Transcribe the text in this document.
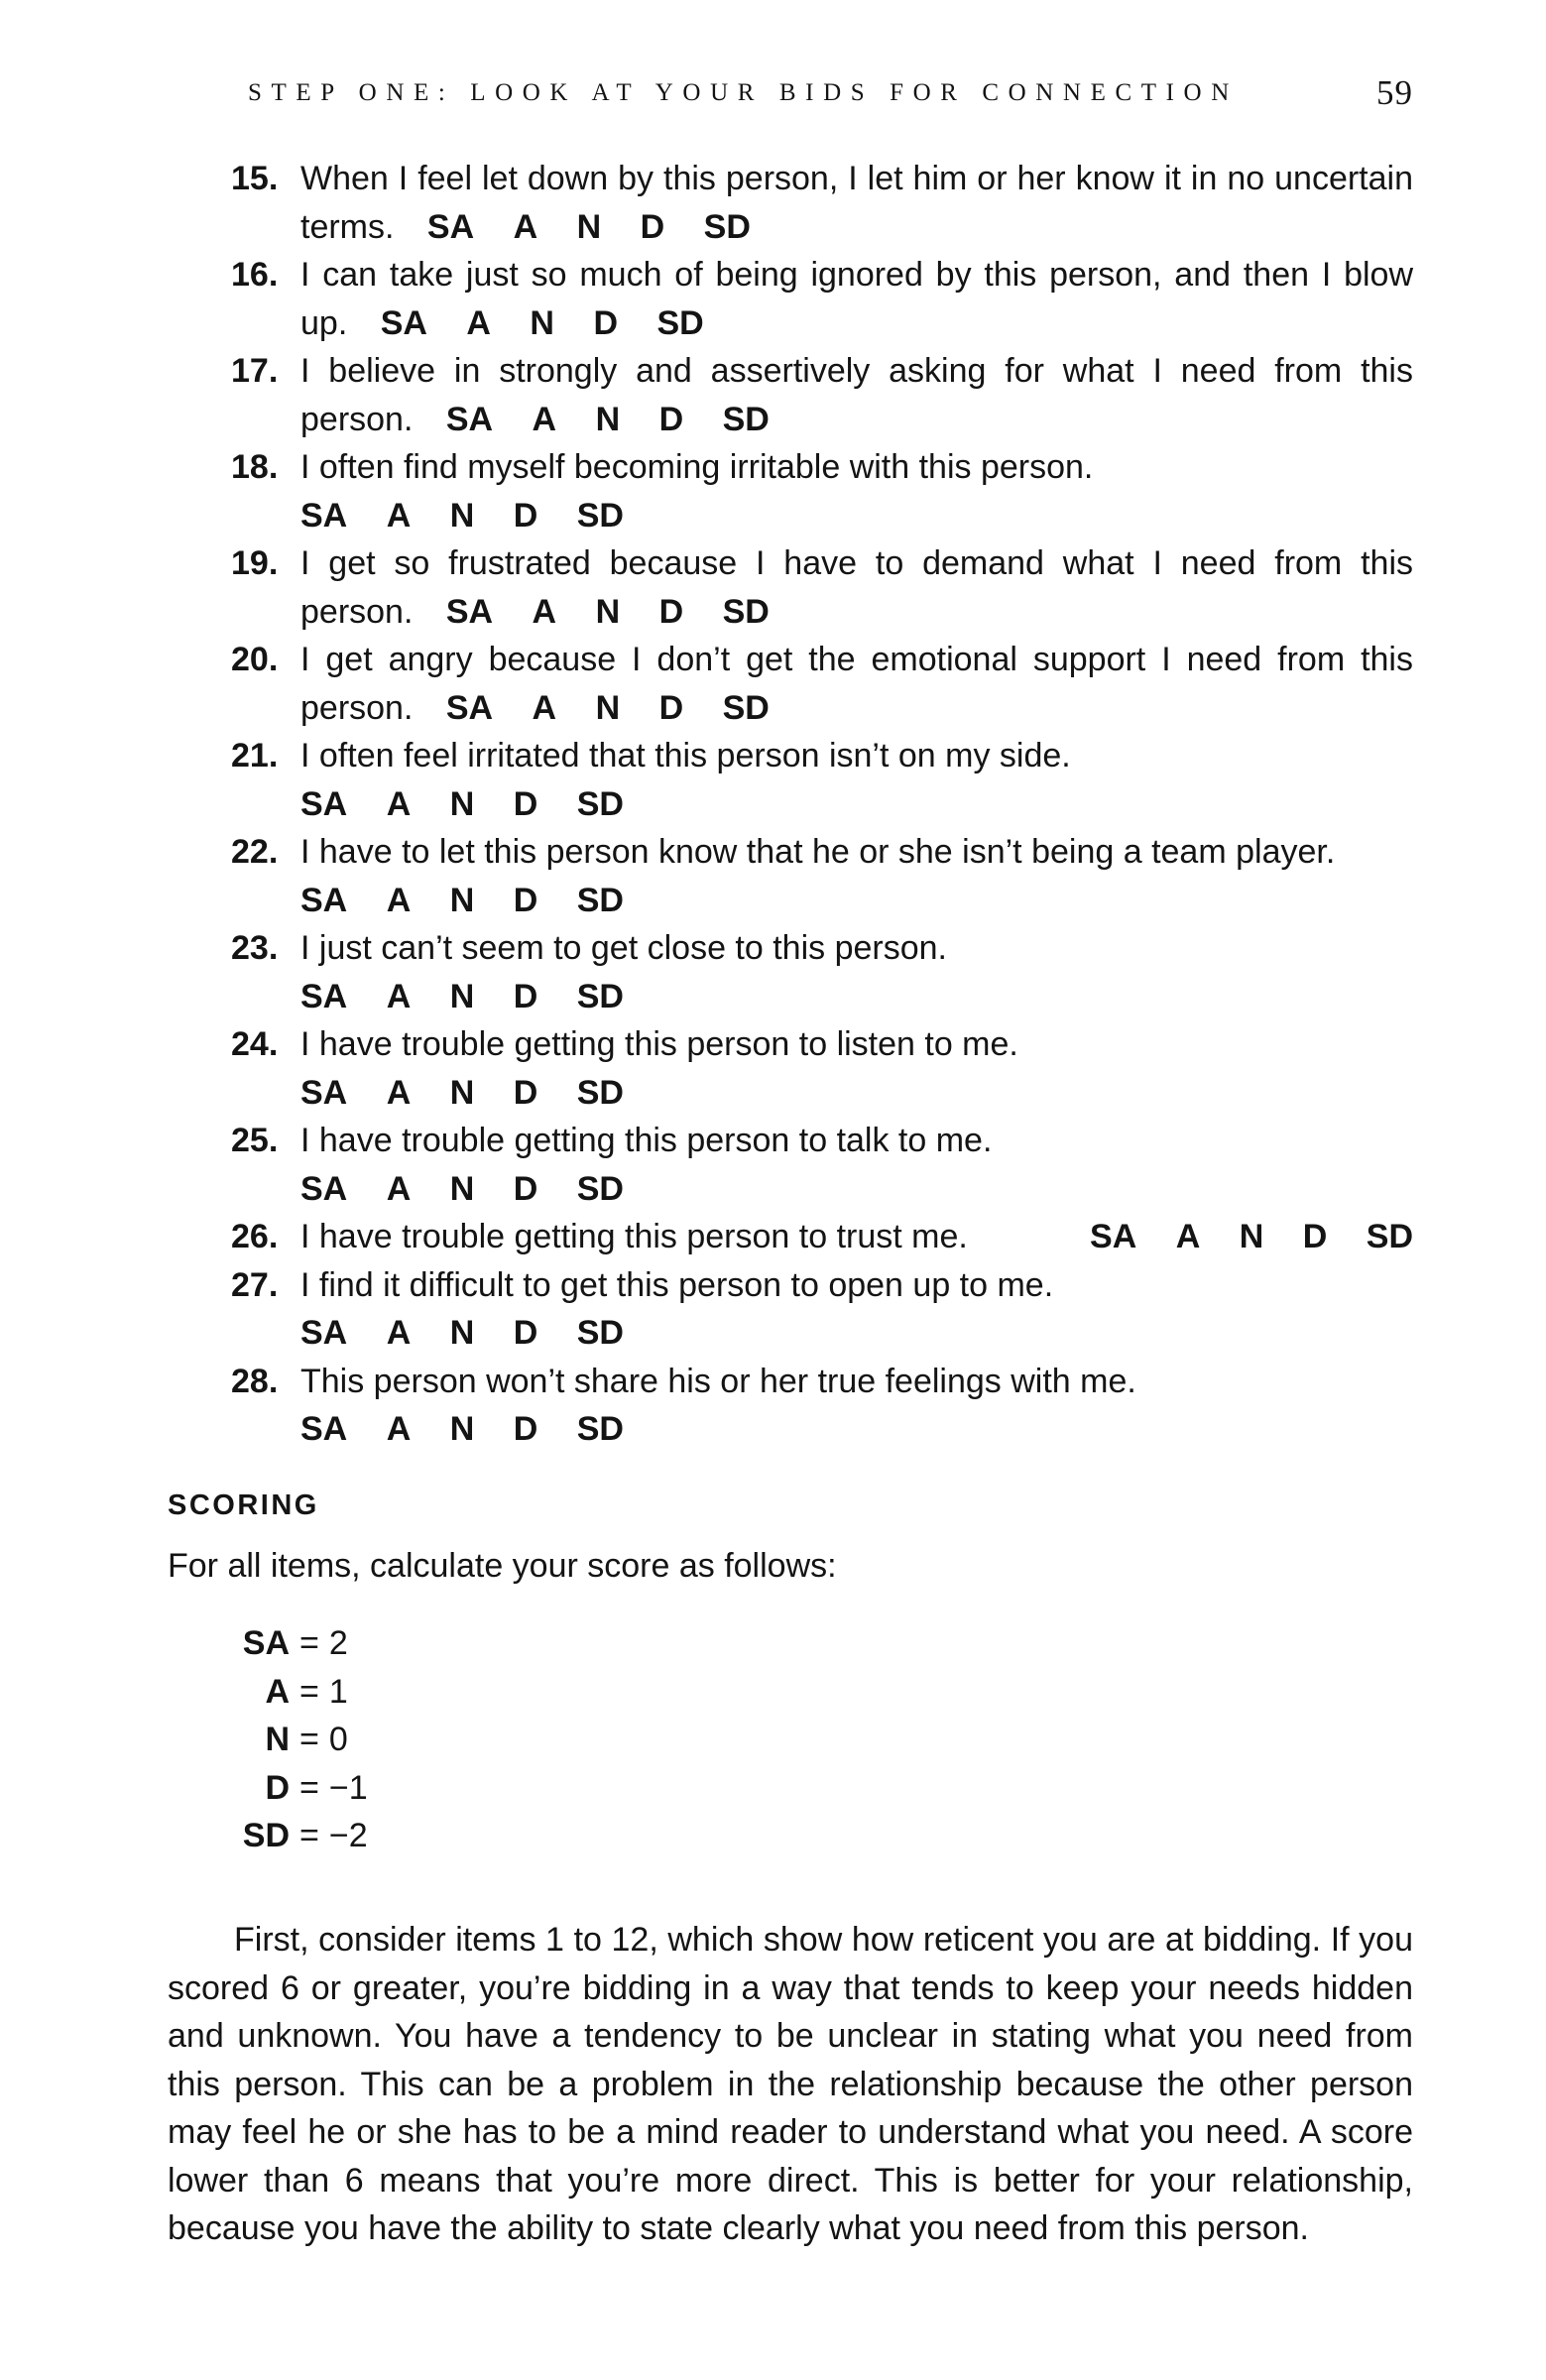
STEP ONE: LOOK AT YOUR BIDS FOR CONNECTION	59
15. When I feel let down by this person, I let him or her know it in no uncertain terms. SA A N D SD
16. I can take just so much of being ignored by this person, and then I blow up. SA A N D SD
17. I believe in strongly and assertively asking for what I need from this person. SA A N D SD
18. I often find myself becoming irritable with this person.
SA A N D SD
19. I get so frustrated because I have to demand what I need from this person. SA A N D SD
20. I get angry because I don’t get the emotional support I need from this person. SA A N D SD
21. I often feel irritated that this person isn’t on my side.
SA A N D SD
22. I have to let this person know that he or she isn’t being a team player.
SA A N D SD
23. I just can’t seem to get close to this person.
SA A N D SD
24. I have trouble getting this person to listen to me.
SA A N D SD
25. I have trouble getting this person to talk to me.
SA A N D SD
26.	SA A N D SD
I have trouble getting this person to trust me.
27. I find it difficult to get this person to open up to me.
SA A N D SD
28. This person won’t share his or her true feelings with me.
SA A N D SD
SCORING
For all items, calculate your score as follows:
SA = 2
A = 1
N = 0
D = −1
SD = −2

First, consider items 1 to 12, which show how reticent you are at bidding. If you scored 6 or greater, you’re bidding in a way that tends to keep your needs hidden and unknown. You have a tendency to be unclear in stating what you need from this person. This can be a problem in the relationship because the other person may feel he or she has to be a mind reader to understand what you need. A score lower than 6 means that you’re more direct. This is better for your relationship, because you have the ability to state clearly what you need from this person.
